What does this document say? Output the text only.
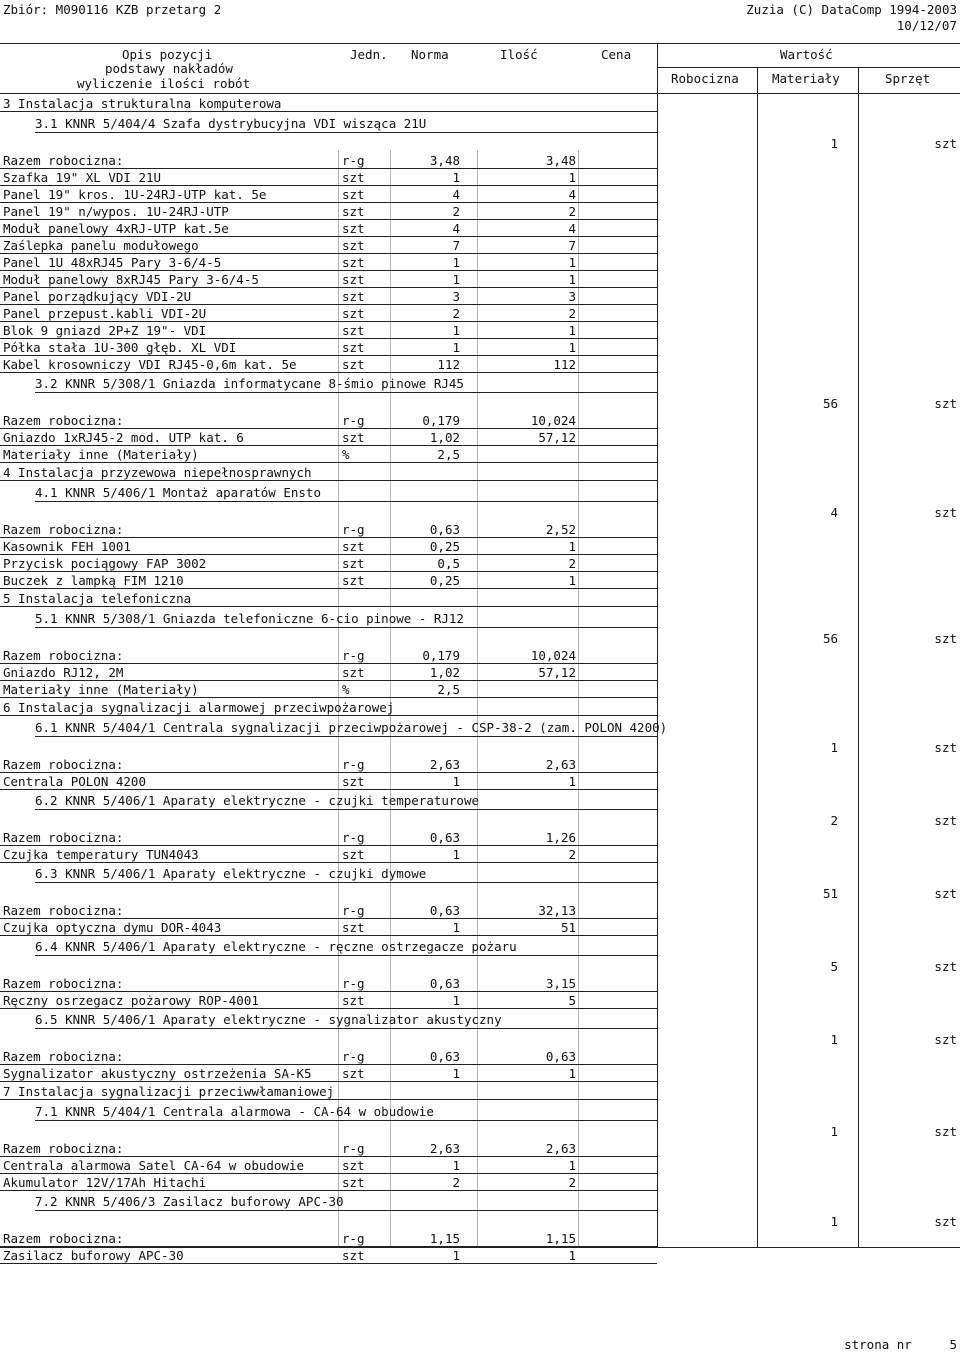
Zbiór: M090116 KZB przetarg 2	Zuzia (C) DataComp 1994-2003
10/12/07
Opis pozycji
podstawy nakładów
wyliczenie ilości robót
Jedn. Norma	Ilość	Cena	Wartość
Robocizna	Materiały	Sprzęt
3 Instalacja strukturalna komputerowa
3.1 KNNR 5/404/4 Szafa dystrybucyjna VDI wisząca 21U
1	szt
Razem robocizna:	r-g	3,48	3,48
Szafka 19" XL VDI 21U	szt	1	1
Panel 19" kros. 1U-24RJ-UTP kat. 5e	szt	4	4
Panel 19" n/wypos. 1U-24RJ-UTP	szt	2	2
Moduł panelowy 4xRJ-UTP kat.5e	szt	4	4
Zaślepka panelu modułowego	szt	7	7
Panel 1U 48xRJ45 Pary 3-6/4-5	szt	1	1
Moduł panelowy 8xRJ45 Pary 3-6/4-5	szt	1	1
Panel porządkujący VDI-2U	szt	3	3
Panel przepust.kabli VDI-2U	szt	2	2
Blok 9 gniazd 2P+Z 19"- VDI	szt	1	1
Półka stała 1U-300 głęb. XL VDI	szt	1	1
Kabel krosowniczy VDI RJ45-0,6m kat. 5e	szt	112	112
3.2 KNNR 5/308/1 Gniazda informatycane 8-śmio pinowe RJ45
56	szt
Razem robocizna:	r-g	0,179	10,024
Gniazdo 1xRJ45-2 mod. UTP kat. 6	szt	1,02	57,12
Materiały inne (Materiały)	%	2,5
4 Instalacja przyzewowa niepełnosprawnych
4.1 KNNR 5/406/1 Montaż aparatów Ensto
4	szt
Razem robocizna:	r-g	0,63	2,52
Kasownik FEH 1001	szt	0,25	1
Przycisk pociągowy FAP 3002	szt	0,5	2
Buczek z lampką FIM 1210	szt	0,25	1
5 Instalacja telefoniczna
5.1 KNNR 5/308/1 Gniazda telefoniczne 6-cio pinowe - RJ12
56	szt
Razem robocizna:	r-g	0,179	10,024
Gniazdo RJ12, 2M	szt	1,02	57,12
Materiały inne (Materiały)	%	2,5
6 Instalacja sygnalizacji alarmowej przeciwpożarowej
6.1 KNNR 5/404/1 Centrala sygnalizacji przeciwpożarowej - CSP-38-2 (zam. POLON 4200)
1	szt
Razem robocizna:	r-g	2,63	2,63
Centrala POLON 4200	szt	1	1
6.2 KNNR 5/406/1 Aparaty elektryczne - czujki temperaturowe
2	szt
Razem robocizna:	r-g	0,63	1,26
Czujka temperatury TUN4043	szt	1	2
6.3 KNNR 5/406/1 Aparaty elektryczne - czujki dymowe
51	szt
Razem robocizna:	r-g	0,63	32,13
Czujka optyczna dymu DOR-4043	szt	1	51
6.4 KNNR 5/406/1 Aparaty elektryczne - ręczne ostrzegacze pożaru
5	szt
Razem robocizna:	r-g	0,63	3,15
Ręczny osrzegacz pożarowy ROP-4001	szt	1	5
6.5 KNNR 5/406/1 Aparaty elektryczne - sygnalizator akustyczny
1	szt
Razem robocizna:	r-g	0,63	0,63
Sygnalizator akustyczny ostrzeżenia SA-K5 szt	1	1
7 Instalacja sygnalizacji przeciwwłamaniowej
7.1 KNNR 5/404/1 Centrala alarmowa - CA-64 w obudowie
1	szt
Razem robocizna:	r-g	2,63	2,63
Centrala alarmowa Satel CA-64 w obudowie	szt	1	1
Akumulator 12V/17Ah Hitachi	szt	2	2
7.2 KNNR 5/406/3 Zasilacz buforowy APC-30
1	szt
Razem robocizna:	r-g	1,15	1,15
Zasilacz buforowy APC-30	szt	1	1
strona nr	5
